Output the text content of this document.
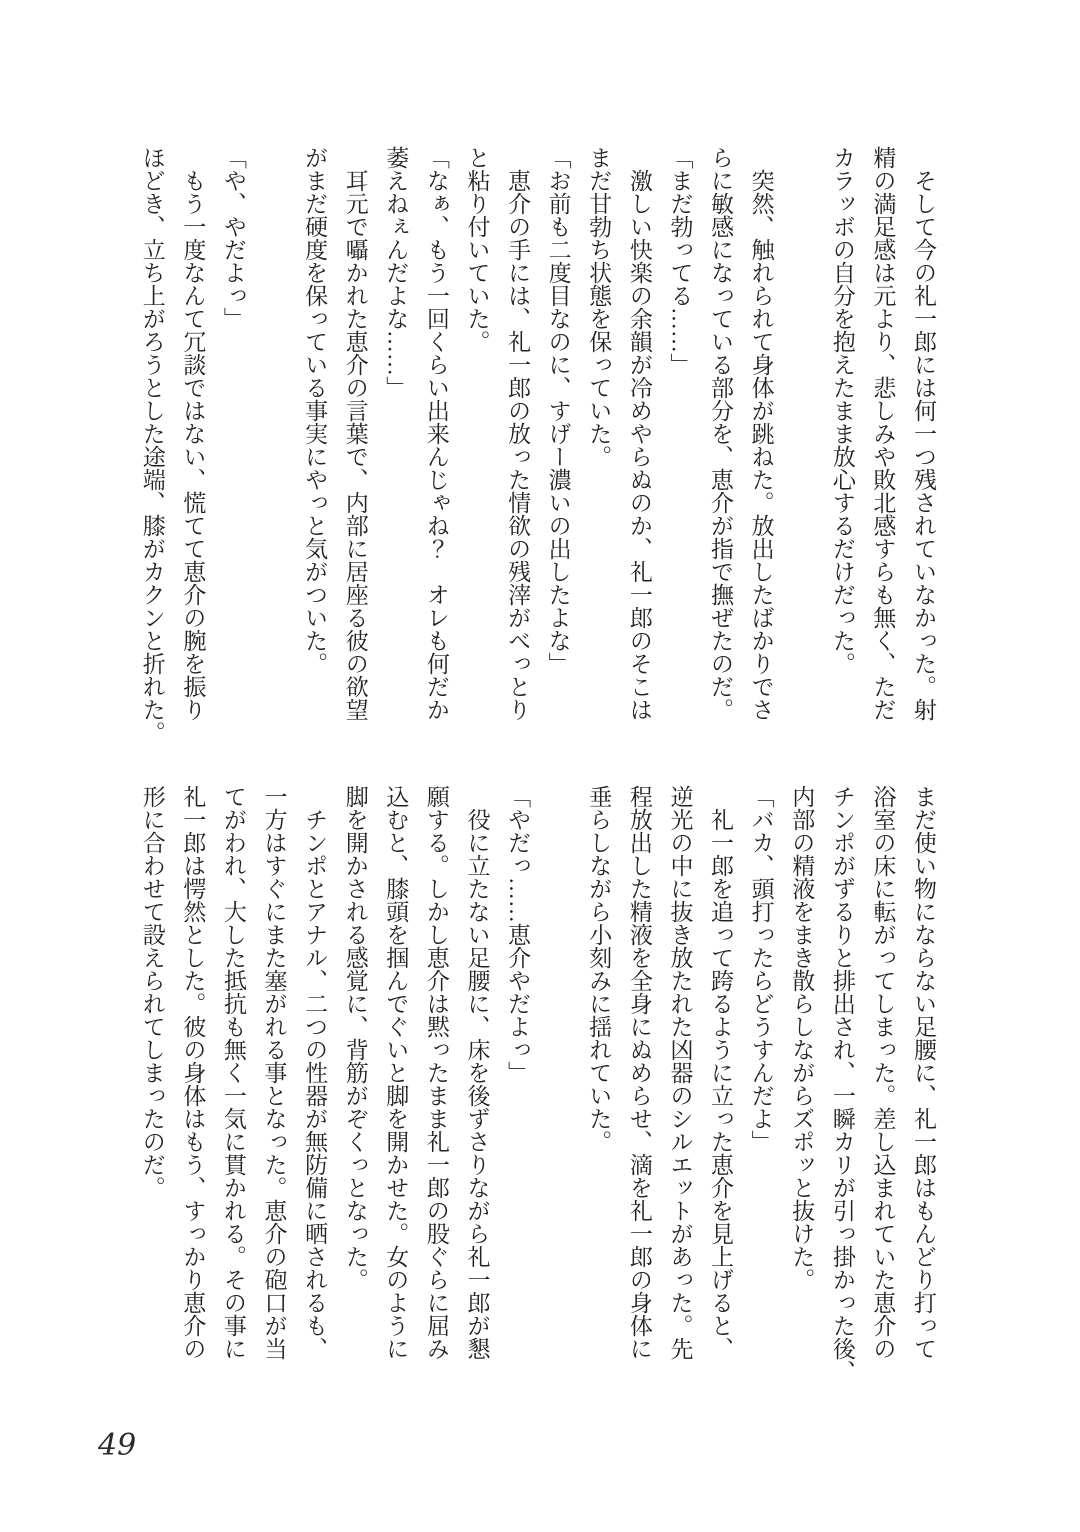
　そして今の礼一郎には何一つ残されていなかった。射

精の満足感は元より、悲しみや敗北感すらも無く、ただ

カラッボの自分を抱えたまま放心するだけだった。

　突然、触れられて身体が跳ねた。放出したばかりでさ

らに敏感になっている部分を、恵介が指で撫ぜたのだ。

「まだ勃ってる……」

　激しい快楽の余韻が冷めやらぬのか、礼一郎のそこは

まだ甘勃ち状態を保っていた。

「お前も二度目なのに、すげー濃いの出したよな」

　恵介の手には、礼一郎の放った情欲の残滓がべっとり

と粘り付いていた。

「なぁ、もう一回くらい出来んじゃね？　オレも何だか

萎えねぇんだよな……」

　耳元で囁かれた恵介の言葉で、内部に居座る彼の欲望

がまだ硬度を保っている事実にやっと気がついた。

「や、やだよっ」

　もう一度なんて冗談ではない、慌てて恵介の腕を振り

ほどき、立ち上がろうとした途端、膝がカクンと折れた。

まだ使い物にならない足腰に、礼一郎はもんどり打って

浴室の床に転がってしまった。差し込まれていた恵介の

チンポがずるりと排出され、一瞬カリが引っ掛かった後、

内部の精液をまき散らしながらズポッと抜けた。

「バカ、頭打ったらどうすんだよ」

　礼一郎を追って跨るように立った恵介を見上げると、

逆光の中に抜き放たれた凶器のシルエットがあった。先

程放出した精液を全身にぬめらせ、滴を礼一郎の身体に

垂らしながら小刻みに揺れていた。

「やだっ……恵介やだよっ」

　役に立たない足腰に、床を後ずさりながら礼一郎が懇

願する。しかし恵介は黙ったまま礼一郎の股ぐらに屈み

込むと、膝頭を掴んでぐいと脚を開かせた。女のように

脚を開かされる感覚に、背筋がぞくっとなった。

　チンポとアナル、二つの性器が無防備に晒されるも、

一方はすぐにまた塞がれる事となった。恵介の砲口が当

てがわれ、大した抵抗も無く一気に貫かれる。その事に

礼一郎は愕然とした。彼の身体はもう、すっかり恵介の

形に合わせて設えられてしまったのだ。

49
